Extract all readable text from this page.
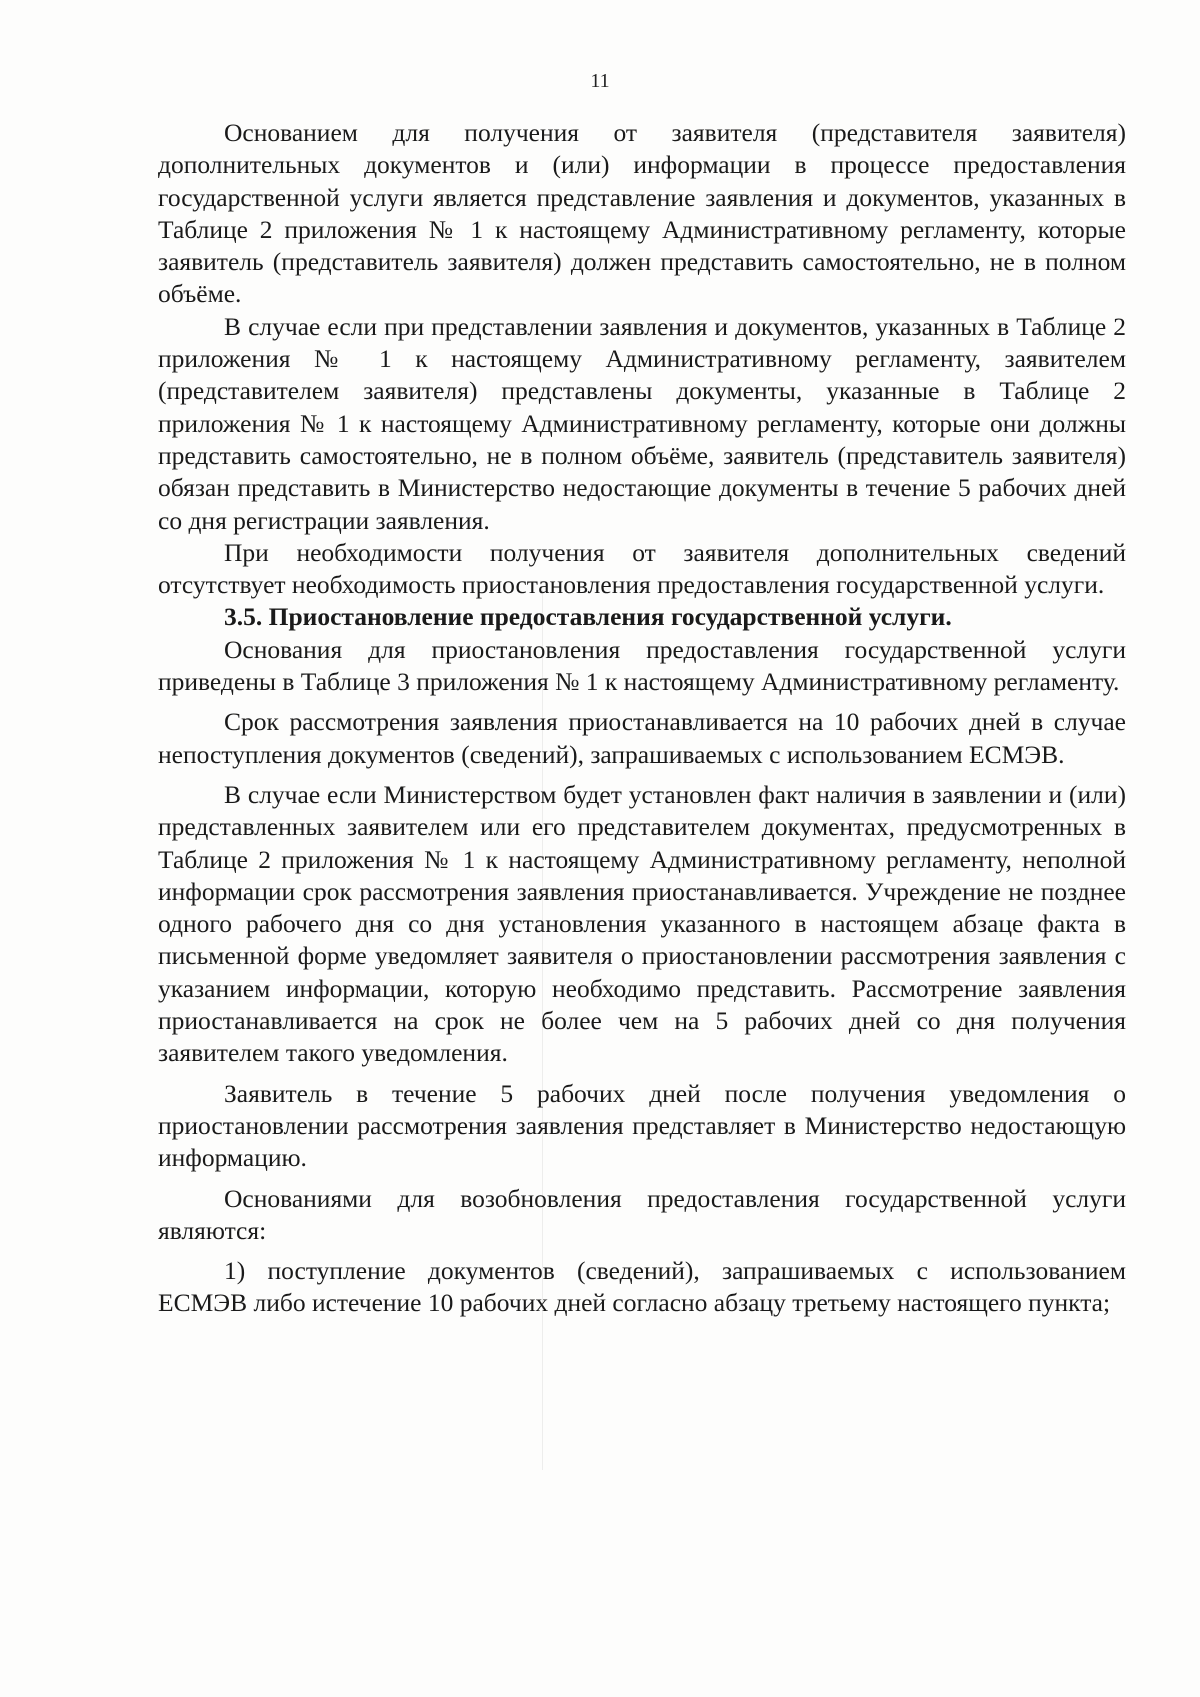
11

Основанием для получения от заявителя (представителя заявителя) дополнительных документов и (или) информации в процессе предоставления государственной услуги является представление заявления и документов, указанных в Таблице 2 приложения № 1 к настоящему Административному регламенту, которые заявитель (представитель заявителя) должен представить самостоятельно, не в полном объёме.

В случае если при представлении заявления и документов, указанных в Таблице 2 приложения № 1 к настоящему Административному регламенту, заявителем (представителем заявителя) представлены документы, указанные в Таблице 2 приложения № 1 к настоящему Административному регламенту, которые они должны представить самостоятельно, не в полном объёме, заявитель (представитель заявителя) обязан представить в Министерство недостающие документы в течение 5 рабочих дней со дня регистрации заявления.

При необходимости получения от заявителя дополнительных сведений отсутствует необходимость приостановления предоставления государственной услуги.

3.5. Приостановление предоставления государственной услуги.

Основания для приостановления предоставления государственной услуги приведены в Таблице 3 приложения № 1 к настоящему Административному регламенту.

Срок рассмотрения заявления приостанавливается на 10 рабочих дней в случае непоступления документов (сведений), запрашиваемых с использованием ЕСМЭВ.

В случае если Министерством будет установлен факт наличия в заявлении и (или) представленных заявителем или его представителем документах, предусмотренных в Таблице 2 приложения № 1 к настоящему Административному регламенту, неполной информации срок рассмотрения заявления приостанавливается. Учреждение не позднее одного рабочего дня со дня установления указанного в настоящем абзаце факта в письменной форме уведомляет заявителя о приостановлении рассмотрения заявления с указанием информации, которую необходимо представить. Рассмотрение заявления приостанавливается на срок не более чем на 5 рабочих дней со дня получения заявителем такого уведомления.

Заявитель в течение 5 рабочих дней после получения уведомления о приостановлении рассмотрения заявления представляет в Министерство недостающую информацию.

Основаниями для возобновления предоставления государственной услуги являются:

1) поступление документов (сведений), запрашиваемых с использованием ЕСМЭВ либо истечение 10 рабочих дней согласно абзацу третьему настоящего пункта;
